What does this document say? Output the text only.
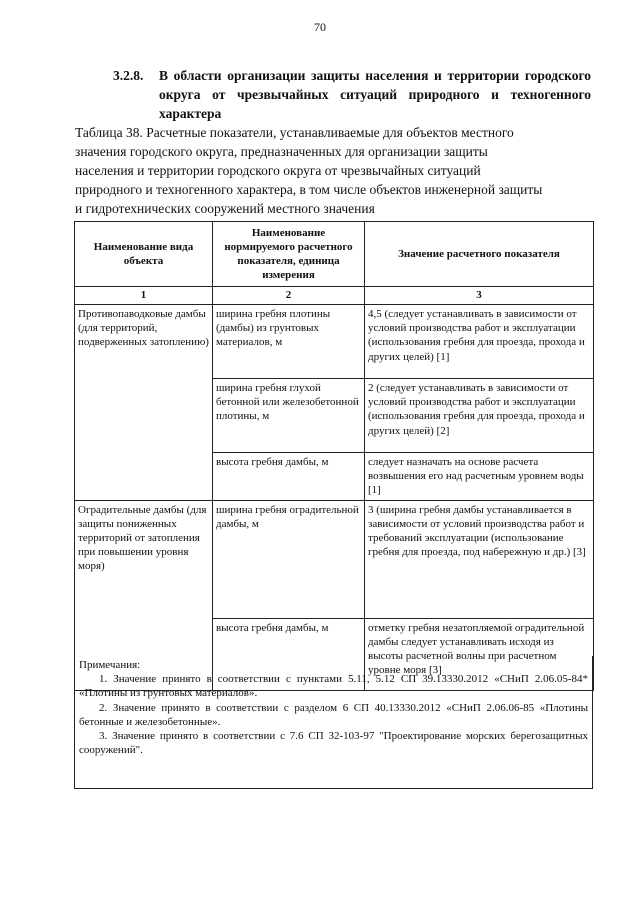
70
3.2.8. В области организации защиты населения и территории городского округа от чрезвычайных ситуаций природного и техногенного характера
Таблица 38. Расчетные показатели, устанавливаемые для объектов местного значения городского округа, предназначенных для организации защиты населения и территории городского округа от чрезвычайных ситуаций природного и техногенного характера, в том числе объектов инженерной защиты и гидротехнических сооружений местного значения
Наименование вида объекта	Наименование нормируемого расчетного показателя, единица измерения	Значение расчетного показателя
1	2	3
Противопаводковые дамбы (для территорий, подверженных затоплению)	ширина гребня плотины (дамбы) из грунтовых материалов, м	4,5 (следует устанавливать в зависимости от условий производства работ и эксплуатации (использования гребня для проезда, прохода и других целей) [1]
	ширина гребня глухой бетонной или железобетонной плотины, м	2 (следует устанавливать в зависимости от условий производства работ и эксплуатации (использования гребня для проезда, прохода и других целей) [2]
	высота гребня дамбы, м	следует назначать на основе расчета возвышения его над расчетным уровнем воды [1]
Оградительные дамбы (для защиты пониженных территорий от затопления при повышении уровня моря)	ширина гребня оградительной дамбы, м	3 (ширина гребня дамбы устанавливается в зависимости от условий производства работ и требований эксплуатации (использование гребня для проезда, под набережную и др.) [3]
	высота гребня дамбы, м	отметку гребня незатопляемой оградительной дамбы следует устанавливать исходя из высоты расчетной волны при расчетном уровне моря [3]

Примечания:

1. Значение принято в соответствии с пунктами 5.11, 5.12 СП 39.13330.2012 «СНиП 2.06.05-84* «Плотины из грунтовых материалов».

2. Значение принято в соответствии с разделом 6 СП 40.13330.2012 «СНиП 2.06.06-85 «Плотины бетонные и железобетонные».

3. Значение принято в соответствии с 7.6 СП 32-103-97 "Проектирование морских берегозащитных сооружений".
